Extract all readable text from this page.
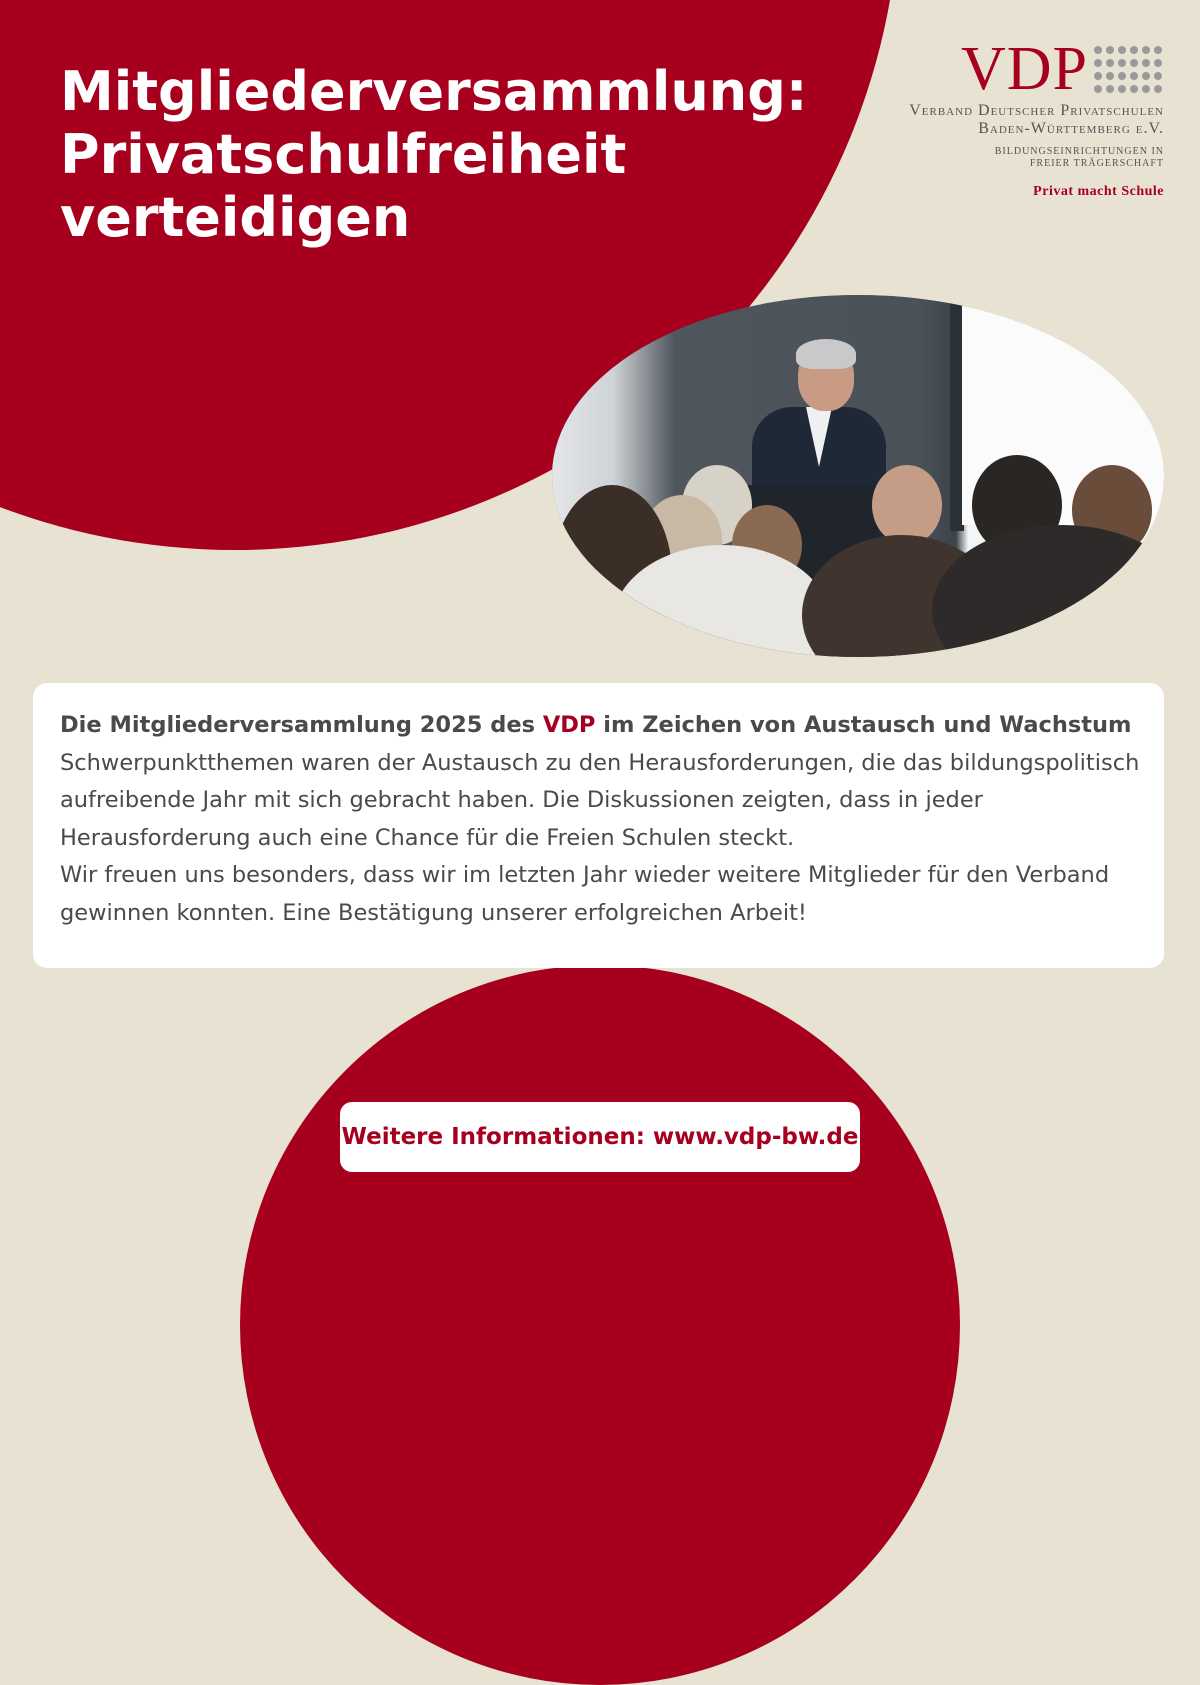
Mitgliederversammlung:
Privatschulfreiheit
verteidigen
VDP
Verband Deutscher Privatschulen
Baden-Württemberg e.V.
BILDUNGSEINRICHTUNGEN IN
FREIER TRÄGERSCHAFT
Privat macht Schule
Die Mitgliederversammlung 2025 des VDP im Zeichen von Austausch und Wachstum
Schwerpunktthemen waren der Austausch zu den Herausforderungen, die das bildungspolitisch aufreibende Jahr mit sich gebracht haben. Die Diskussionen zeigten, dass in jeder Herausforderung auch eine Chance für die Freien Schulen steckt.
Wir freuen uns besonders, dass wir im letzten Jahr wieder weitere Mitglieder für den Verband gewinnen konnten. Eine Bestätigung unserer erfolgreichen Arbeit!
Weitere Informationen: www.vdp-bw.de
